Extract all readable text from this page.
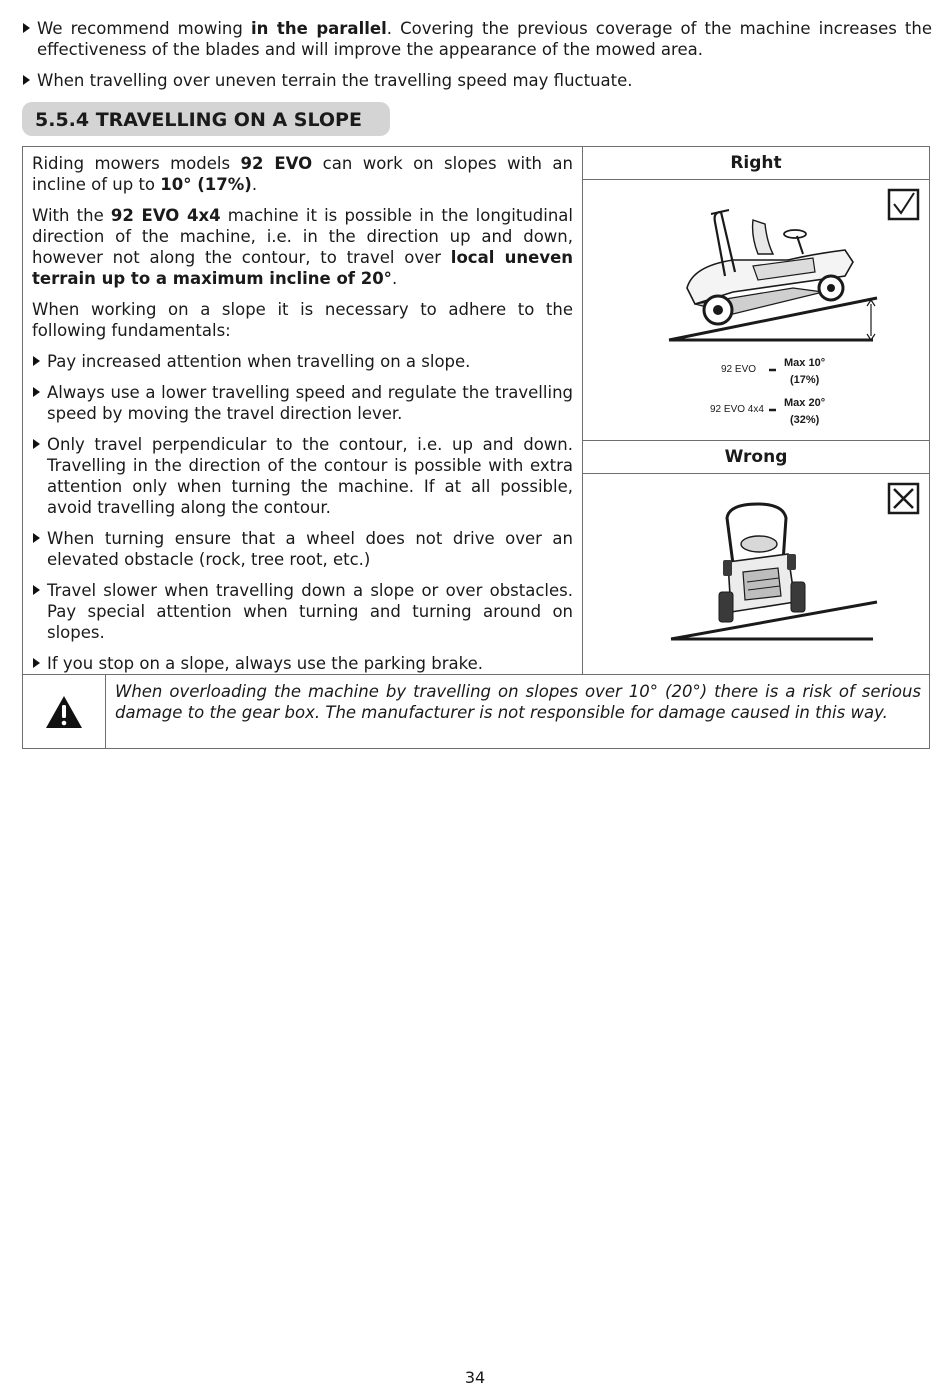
We recommend mowing in the parallel. Covering the previous coverage of the machine increases the effectiveness of the blades and will improve the appearance of the mowed area.
When travelling over uneven terrain the travelling speed may fluctuate.
5.5.4 TRAVELLING ON A SLOPE

Riding mowers models 92 EVO can work on slopes with an incline of up to 10° (17%).

With the 92 EVO 4x4 machine it is possible in the longitudinal direction of the machine, i.e. in the direction up and down, however not along the contour, to travel over local uneven terrain up to a maximum incline of 20°.

When working on a slope it is necessary to adhere to the following fundamentals:

Pay increased attention when travelling on a slope.
Always use a lower travelling speed and regulate the travelling speed by moving the travel direction lever.
Only travel perpendicular to the contour, i.e. up and down. Travelling in the direction of the contour is possible with extra attention only when turning the machine. If at all possible, avoid travelling along the contour.
When turning ensure that a wheel does not drive over an elevated obstacle (rock, tree root, etc.)
Travel slower when travelling down a slope or over obstacles. Pay special attention when turning and turning around on slopes.
If you stop on a slope, always use the parking brake.
Right
92 EVO
Max 10°
(17%)
92 EVO 4x4
Max 20°
(32%)
Wrong
When overloading the machine by travelling on slopes over 10° (20°) there is a risk of serious damage to the gear box. The manufacturer is not responsible for damage caused in this way.
34
